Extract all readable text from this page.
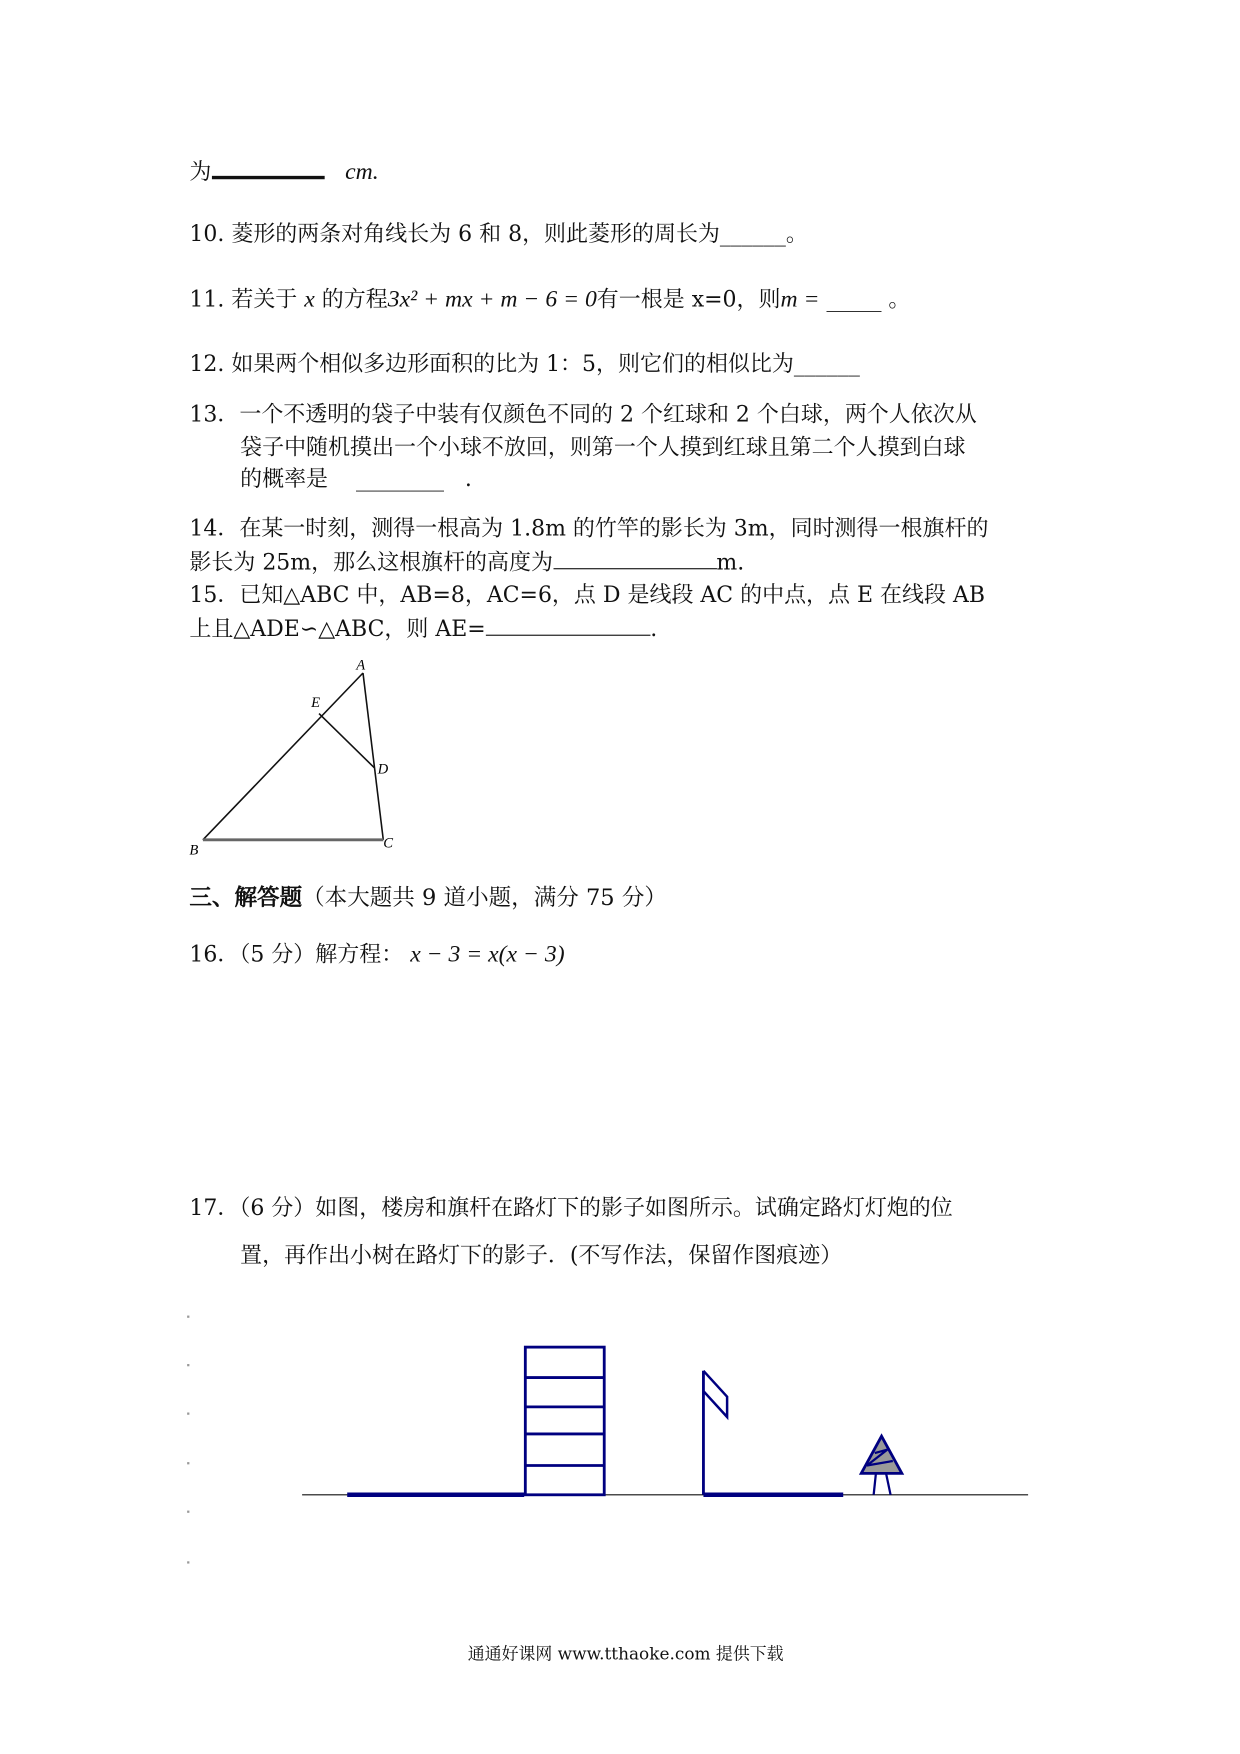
为	cm.
10. 菱形的两条对角线长为 6 和 8，则此菱形的周长为______。
11. 若关于 x 的方程3x² + mx + m − 6 = 0有一根是 x=0，则m = _____ 。
12. 如果两个相似多边形面积的比为 1：5，则它们的相似比为______
13．一个不透明的袋子中装有仅颜色不同的 2 个红球和 2 个白球，两个人依次从
袋子中随机摸出一个小球不放回，则第一个人摸到红球且第二个人摸到白球
的概率是 ________ .
14．在某一时刻，测得一根高为 1.8m 的竹竿的影长为 3m，同时测得一根旗杆的
影长为 25m，那么这根旗杆的高度为	m.
15．已知△ABC 中，AB=8，AC=6，点 D 是线段 AC 的中点，点 E 在线段 AB
上且△ADE∽△ABC，则 AE=	.
A
E
D
B	C
三、解答题（本大题共 9 道小题，满分 75 分）
16．（5 分）解方程： x − 3 = x(x − 3)
17．（6 分）如图，楼房和旗杆在路灯下的影子如图所示。试确定路灯灯炮的位
置，再作出小树在路灯下的影子．(不写作法，保留作图痕迹）
通通好课网 www.tthaoke.com 提供下载
